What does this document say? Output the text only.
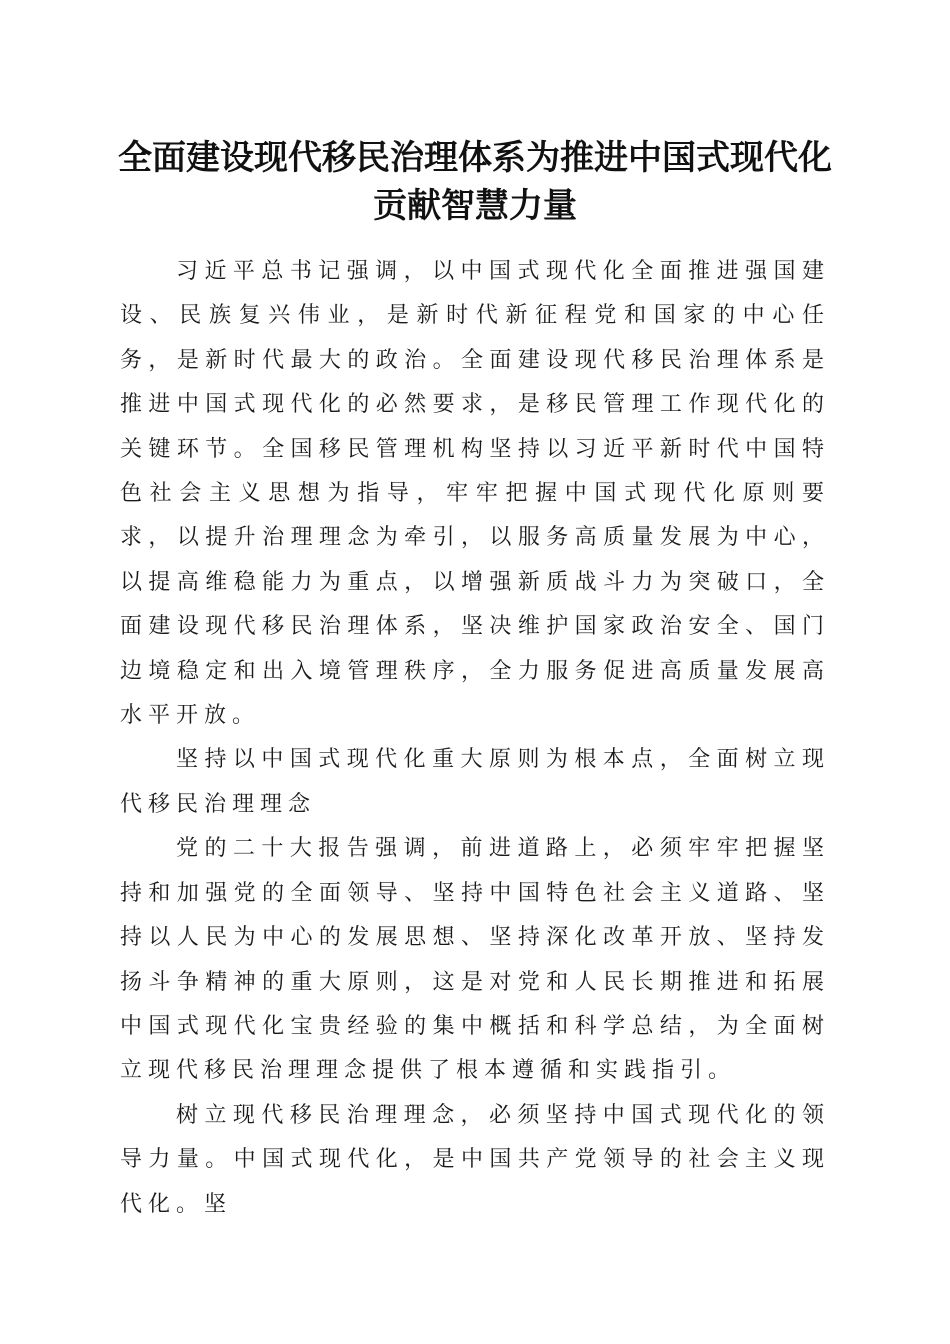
全面建设现代移民治理体系为推进中国式现代化贡献智慧力量

习近平总书记强调，以中国式现代化全面推进强国建设、民族复兴伟业，是新时代新征程党和国家的中心任务，是新时代最大的政治。全面建设现代移民治理体系是推进中国式现代化的必然要求，是移民管理工作现代化的关键环节。全国移民管理机构坚持以习近平新时代中国特色社会主义思想为指导，牢牢把握中国式现代化原则要求，以提升治理理念为牵引，以服务高质量发展为中心，以提高维稳能力为重点，以增强新质战斗力为突破口，全面建设现代移民治理体系，坚决维护国家政治安全、国门边境稳定和出入境管理秩序，全力服务促进高质量发展高水平开放。

坚持以中国式现代化重大原则为根本点，全面树立现代移民治理理念

党的二十大报告强调，前进道路上，必须牢牢把握坚持和加强党的全面领导、坚持中国特色社会主义道路、坚持以人民为中心的发展思想、坚持深化改革开放、坚持发扬斗争精神的重大原则，这是对党和人民长期推进和拓展中国式现代化宝贵经验的集中概括和科学总结，为全面树立现代移民治理理念提供了根本遵循和实践指引。

树立现代移民治理理念，必须坚持中国式现代化的领导力量。中国式现代化，是中国共产党领导的社会主义现代化。坚
